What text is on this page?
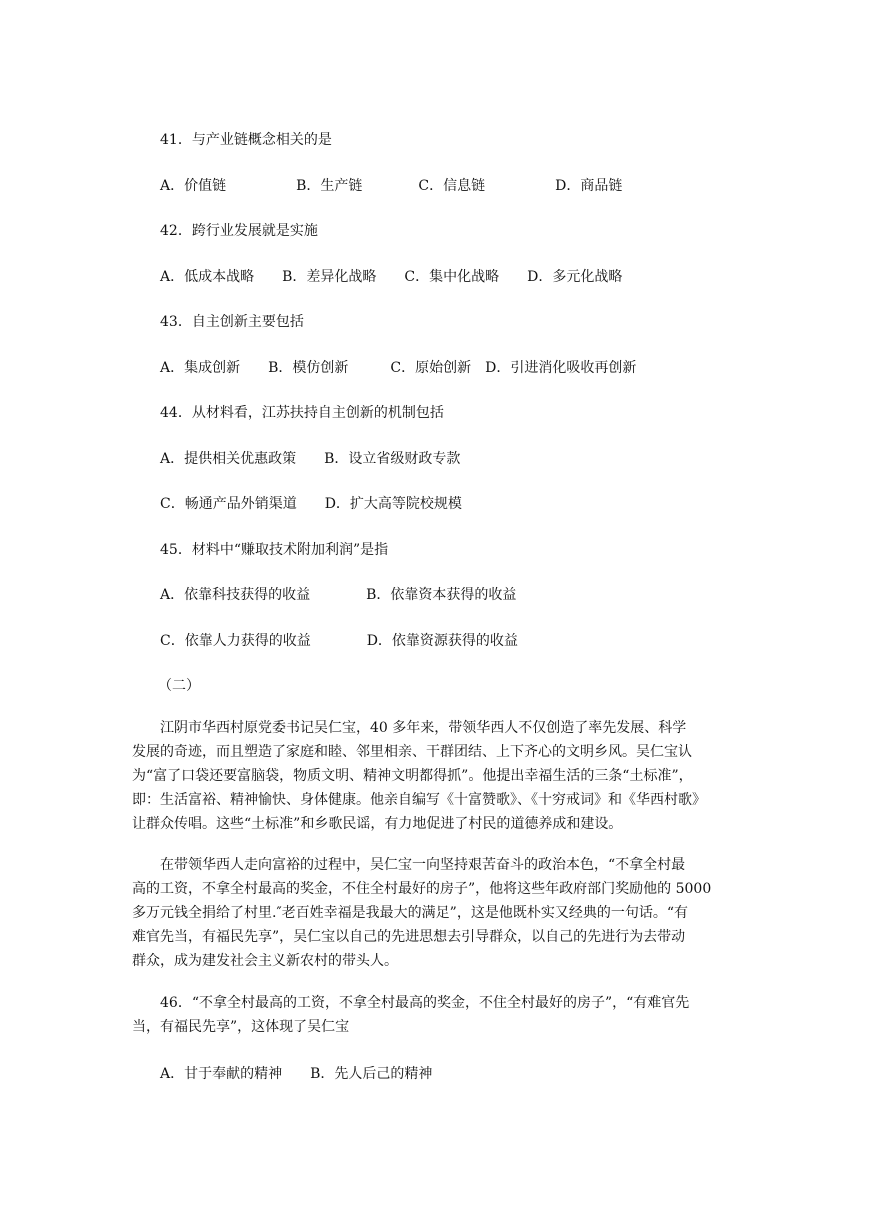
41．与产业链概念相关的是
A．价值链　　　　　B．生产链　　　　C．信息链　　　　　D．商品链
42．跨行业发展就是实施
A．低成本战略　　B．差异化战略　　C．集中化战略　　D．多元化战略
43．自主创新主要包括
A．集成创新　　B．模仿创新　　　C．原始创新　D．引进消化吸收再创新
44．从材料看，江苏扶持自主创新的机制包括
A．提供相关优惠政策　　B．设立省级财政专款
C．畅通产品外销渠道　　D．扩大高等院校规模
45．材料中“赚取技术附加利润”是指
A．依靠科技获得的收益　　　　B．依靠资本获得的收益
C．依靠人力获得的收益　　　　D．依靠资源获得的收益
（二）
江阴市华西村原党委书记吴仁宝，40 多年来，带领华西人不仅创造了率先发展、科学
发展的奇迹，而且塑造了家庭和睦、邻里相亲、干群团结、上下齐心的文明乡风。吴仁宝认
为“富了口袋还要富脑袋，物质文明、精神文明都得抓”。他提出幸福生活的三条“土标准”，
即：生活富裕、精神愉快、身体健康。他亲自编写《十富赞歌》、《十穷戒词》和《华西村歌》
让群众传唱。这些“土标准”和乡歌民谣，有力地促进了村民的道德养成和建设。
在带领华西人走向富裕的过程中，吴仁宝一向坚持艰苦奋斗的政治本色，“不拿全村最
高的工资，不拿全村最高的奖金，不住全村最好的房子”，他将这些年政府部门奖励他的 5000
多万元钱全捐给了村里.″老百姓幸福是我最大的满足”，这是他既朴实又经典的一句话。“有
难官先当，有福民先享”，吴仁宝以自己的先进思想去引导群众，以自己的先进行为去带动
群众，成为建发社会主义新农村的带头人。
46．“不拿全村最高的工资，不拿全村最高的奖金，不住全村最好的房子”，“有难官先
当，有福民先享”，这体现了吴仁宝
A．甘于奉献的精神　　B．先人后己的精神
